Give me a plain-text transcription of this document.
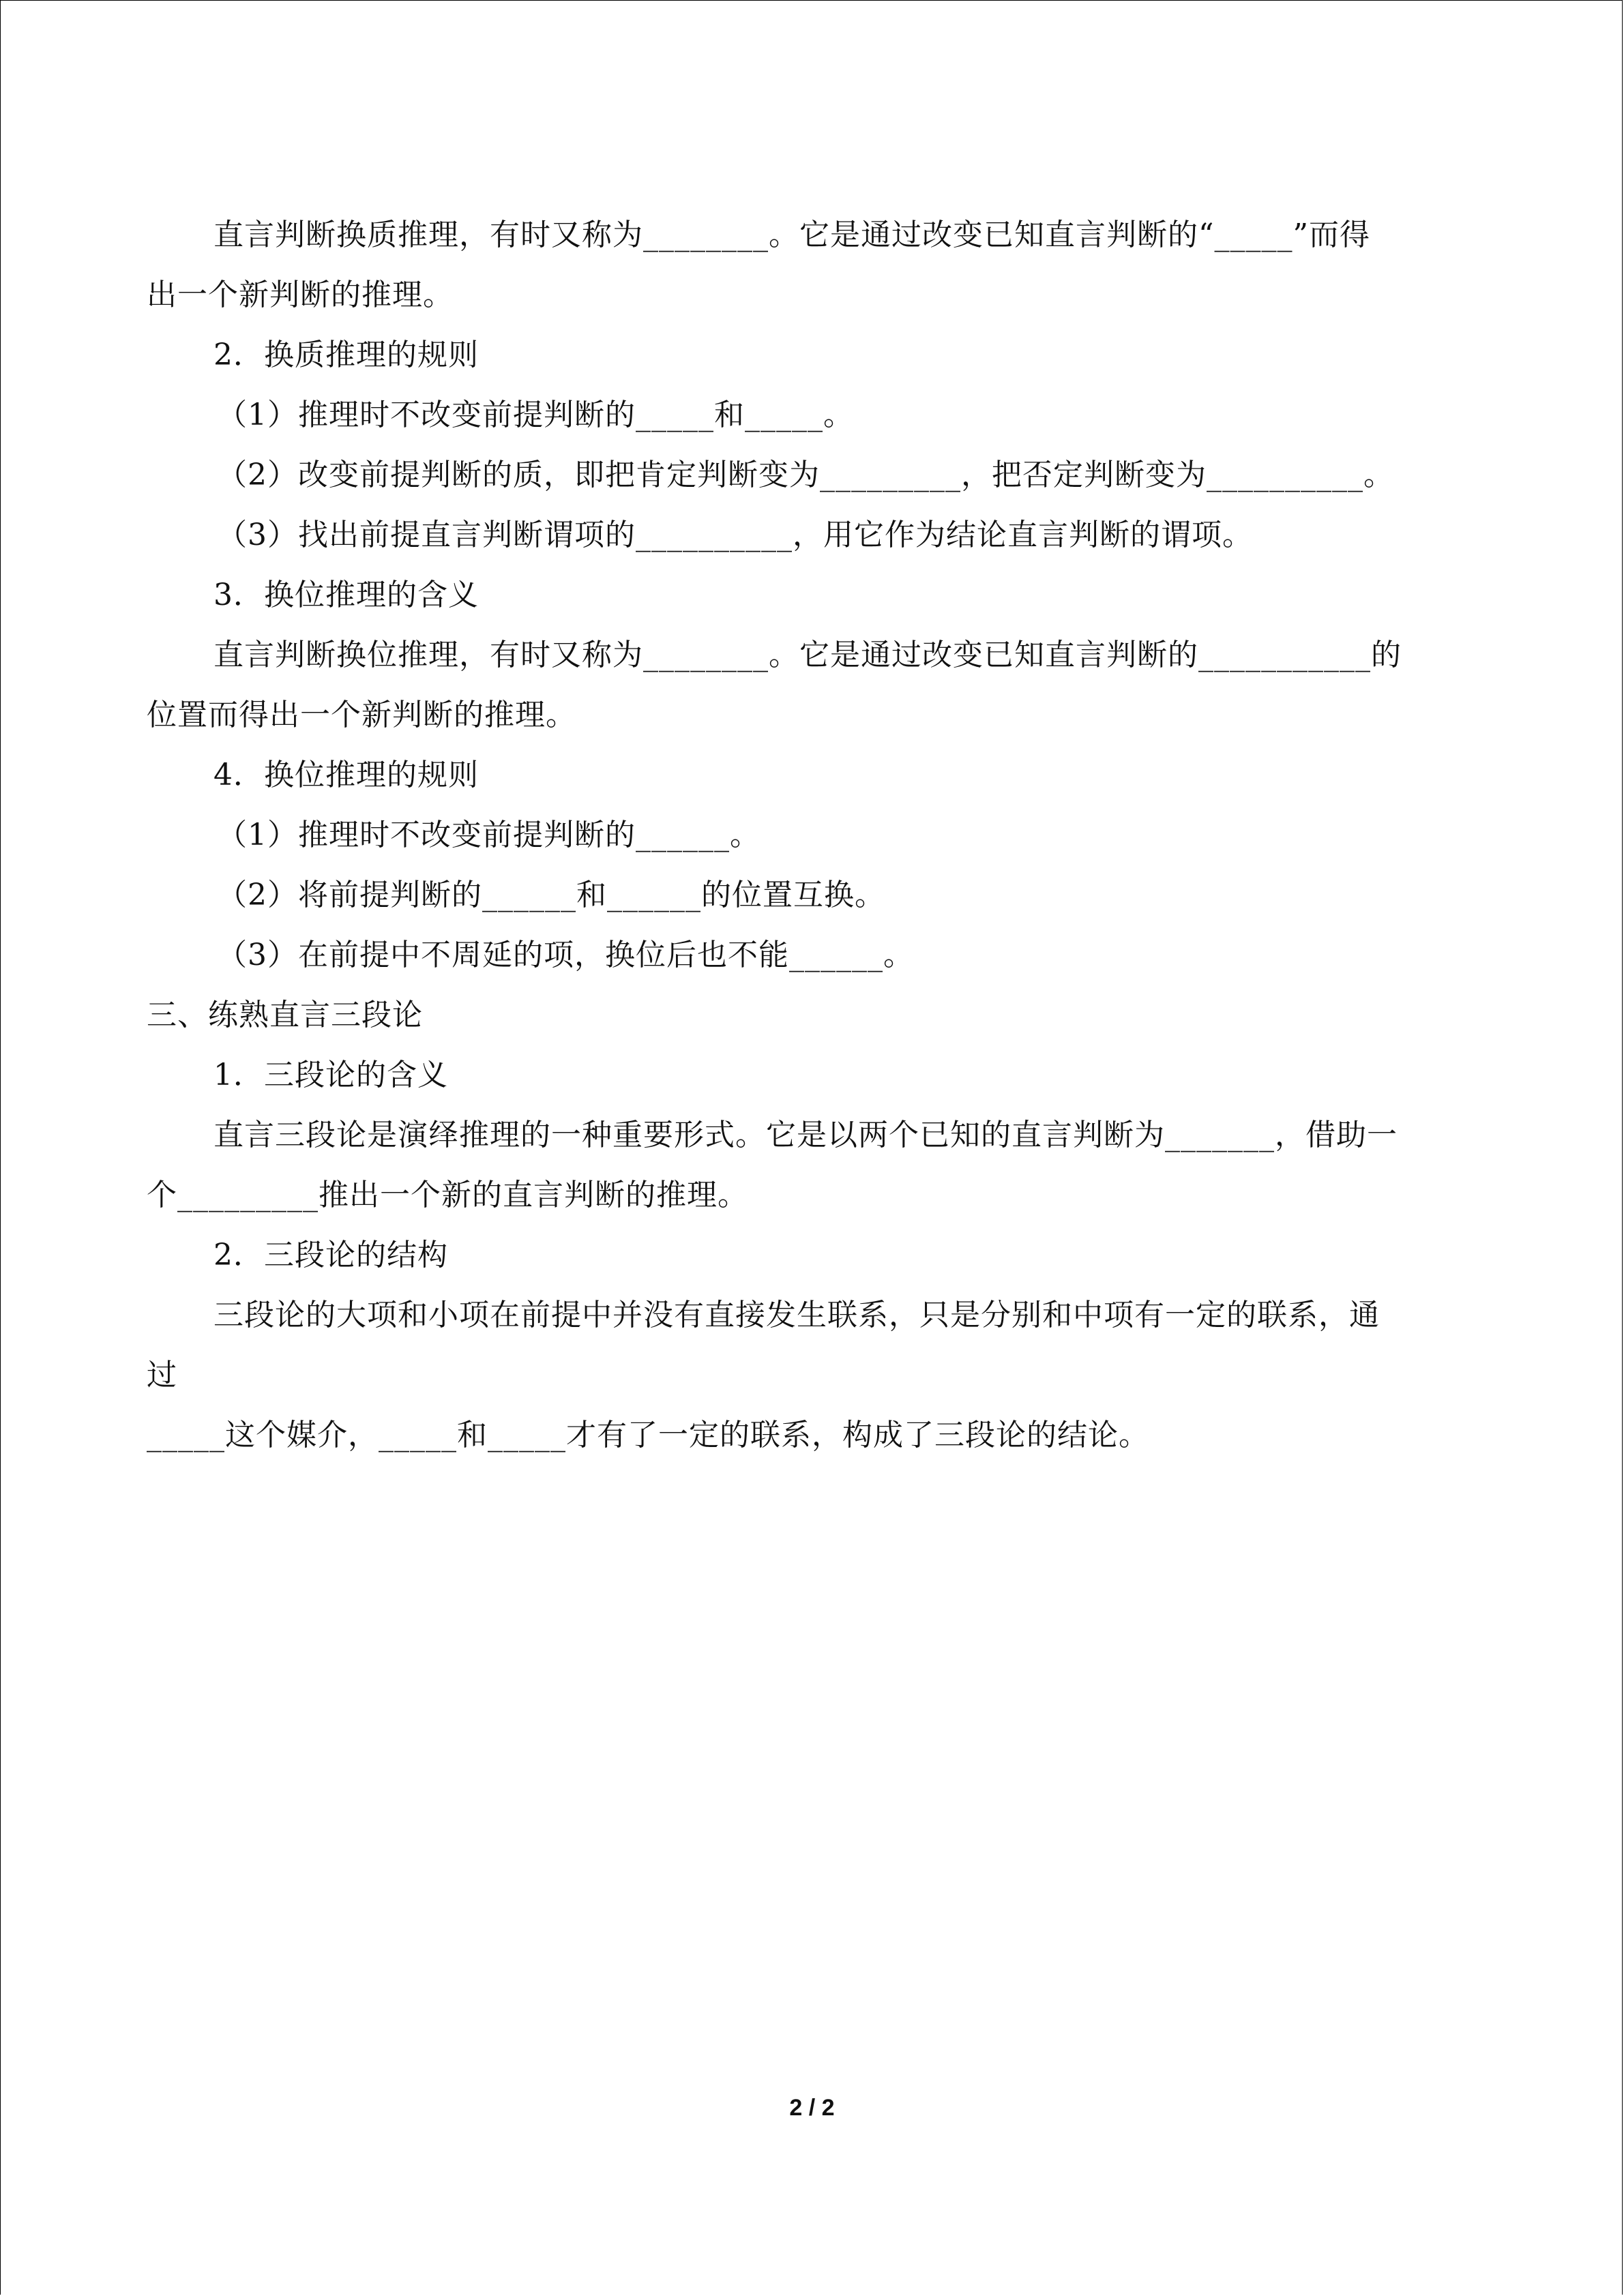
直言判断换质推理，有时又称为________。它是通过改变已知直言判断的“_____”而得

出一个新判断的推理。

2．换质推理的规则

（1）推理时不改变前提判断的_____和_____。

（2）改变前提判断的质，即把肯定判断变为_________，把否定判断变为__________。

（3）找出前提直言判断谓项的__________，用它作为结论直言判断的谓项。

3．换位推理的含义

直言判断换位推理，有时又称为________。它是通过改变已知直言判断的___________的

位置而得出一个新判断的推理。

4．换位推理的规则

（1）推理时不改变前提判断的______。

（2）将前提判断的______和______的位置互换。

（3）在前提中不周延的项，换位后也不能______。

三、练熟直言三段论

1．三段论的含义

直言三段论是演绎推理的一种重要形式。它是以两个已知的直言判断为_______，借助一

个_________推出一个新的直言判断的推理。

2．三段论的结构

三段论的大项和小项在前提中并没有直接发生联系，只是分别和中项有一定的联系，通

过

_____这个媒介，_____和_____才有了一定的联系，构成了三段论的结论。

2 / 2
